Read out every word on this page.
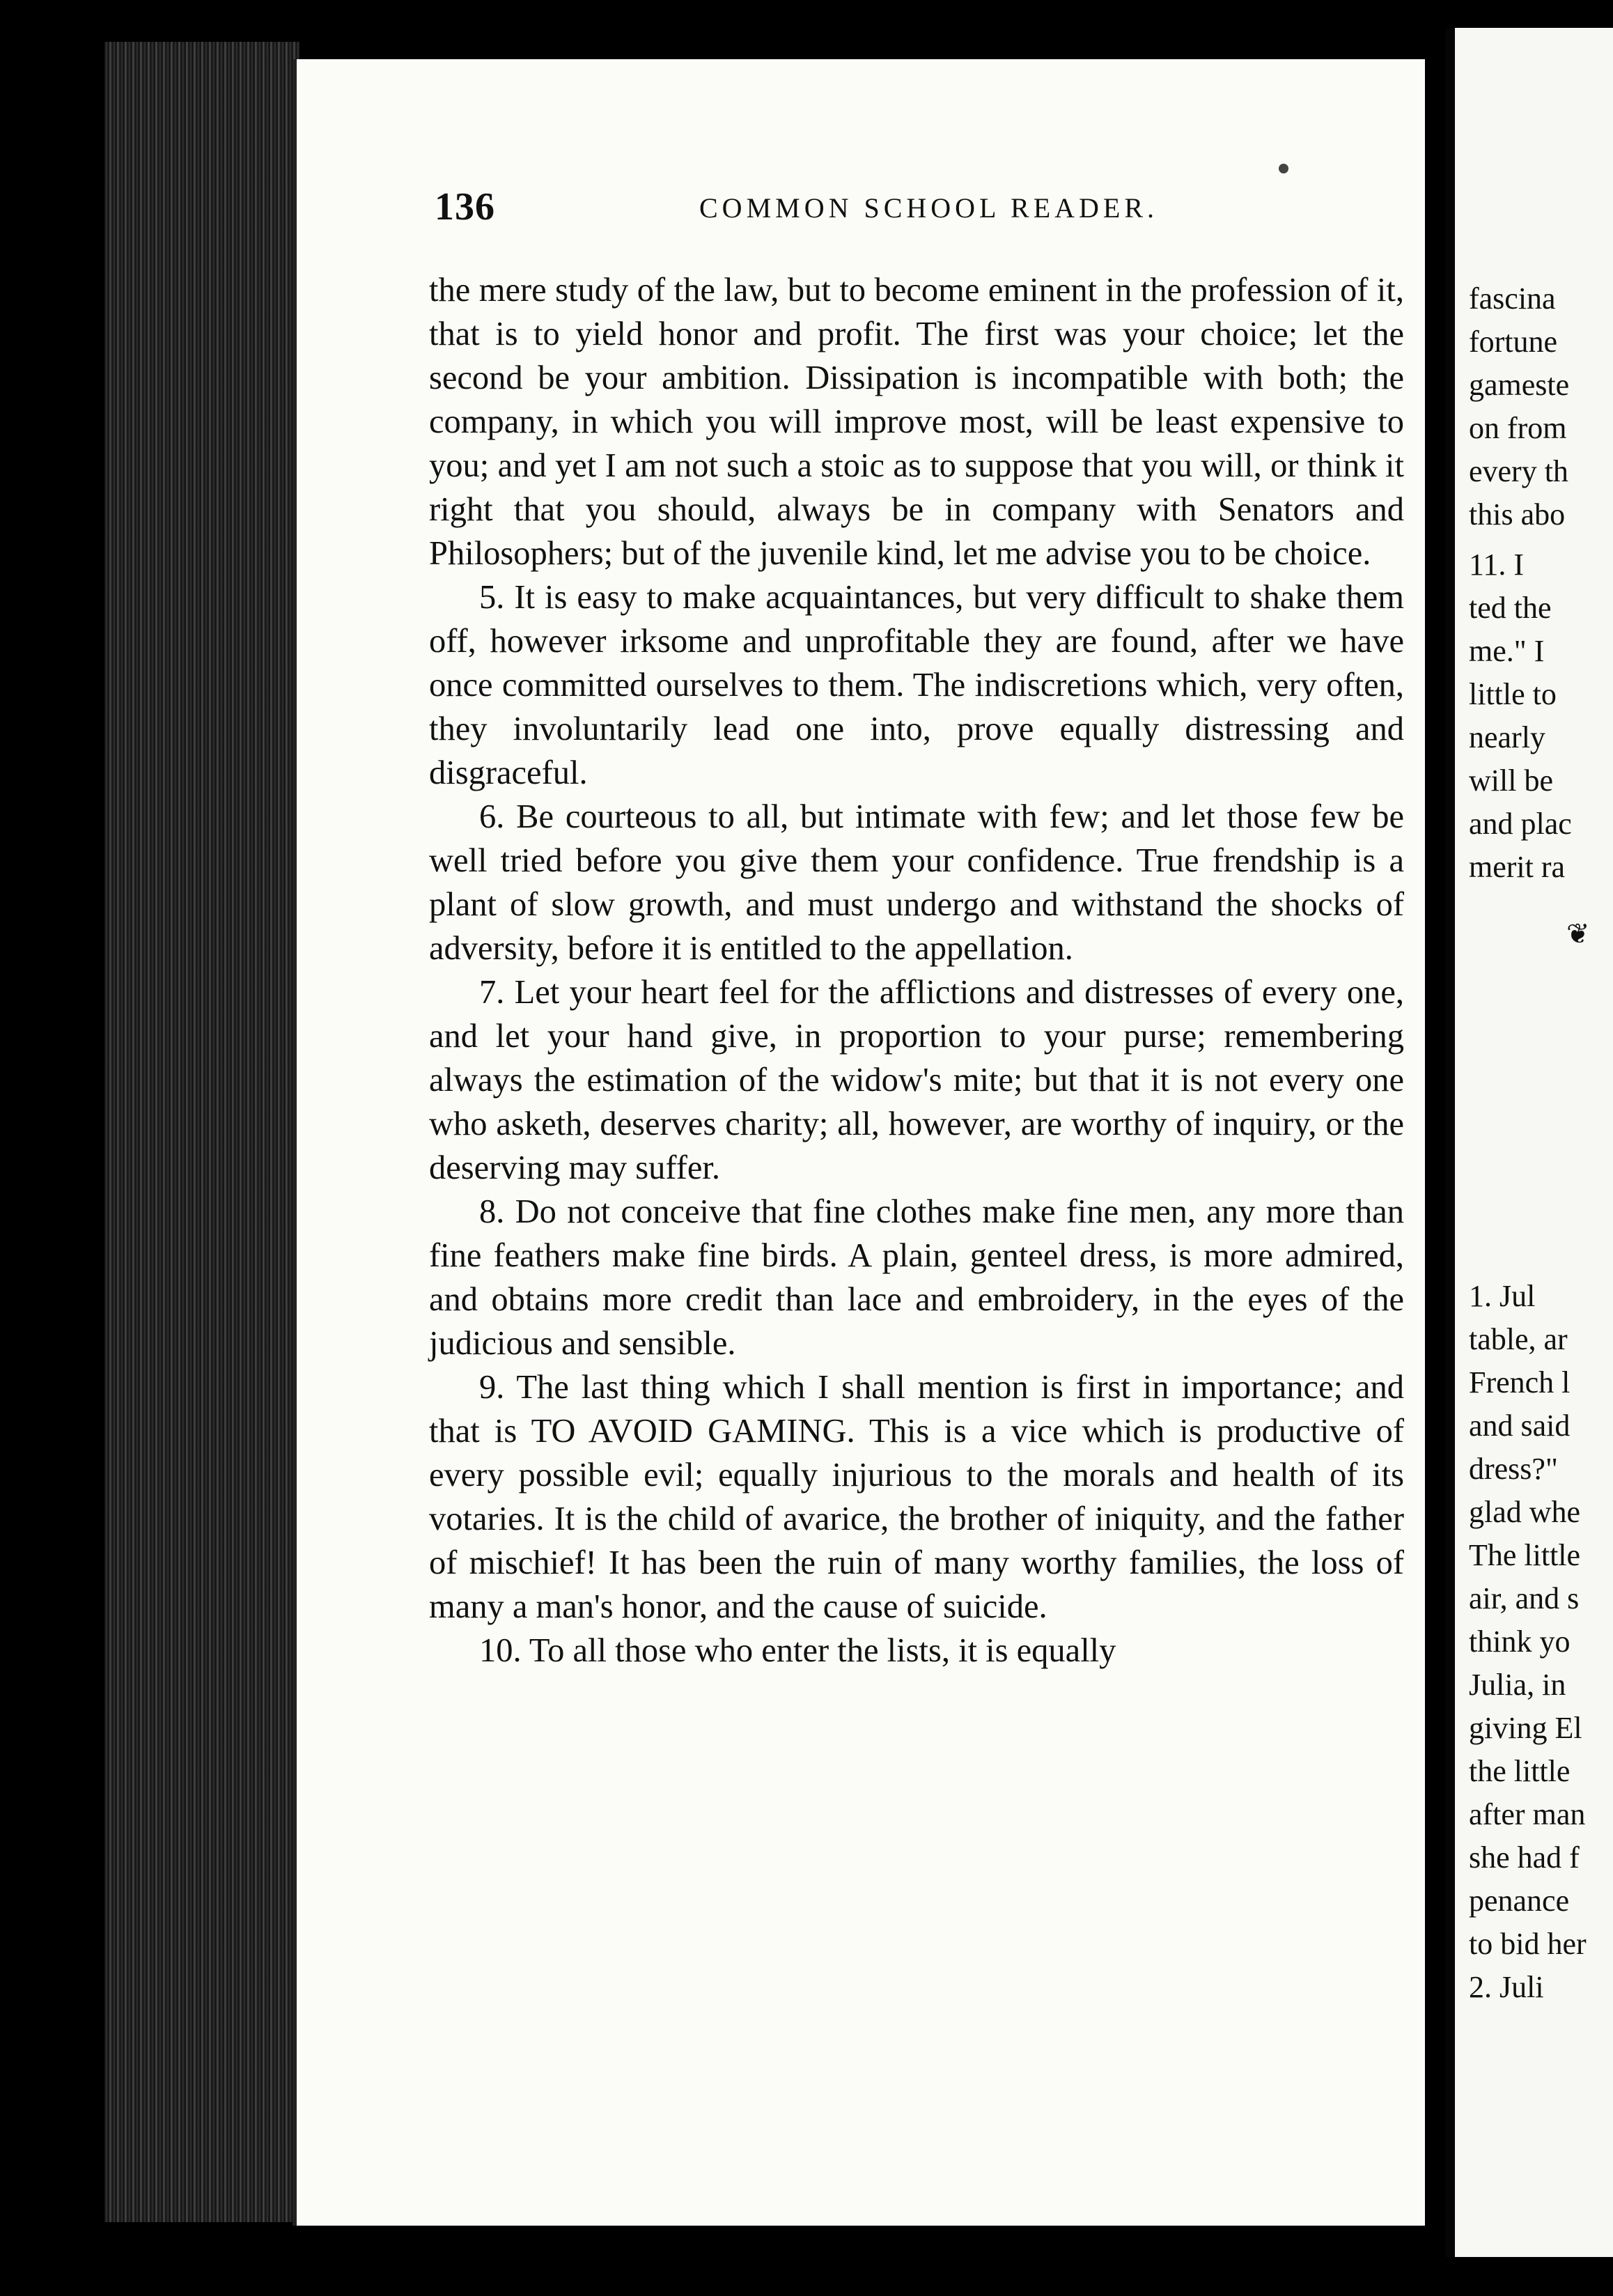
136	COMMON SCHOOL READER.

the mere study of the law, but to become eminent in the profession of it, that is to yield honor and profit. The first was your choice; let the second be your ambition. Dissipation is incompatible with both; the company, in which you will improve most, will be least expensive to you; and yet I am not such a stoic as to suppose that you will, or think it right that you should, always be in company with Senators and Philosophers; but of the juvenile kind, let me advise you to be choice.

5. It is easy to make acquaintances, but very difficult to shake them off, however irksome and unprofitable they are found, after we have once committed ourselves to them. The indiscretions which, very often, they involuntarily lead one into, prove equally distressing and disgraceful.

6. Be courteous to all, but intimate with few; and let those few be well tried before you give them your confidence. True frendship is a plant of slow growth, and must undergo and withstand the shocks of adversity, before it is entitled to the appellation.

7. Let your heart feel for the afflictions and distresses of every one, and let your hand give, in proportion to your purse; remembering always the estimation of the widow's mite; but that it is not every one who asketh, deserves charity; all, however, are worthy of inquiry, or the deserving may suffer.

8. Do not conceive that fine clothes make fine men, any more than fine feathers make fine birds. A plain, genteel dress, is more admired, and obtains more credit than lace and embroidery, in the eyes of the judicious and sensible.

9. The last thing which I shall mention is first in importance; and that is TO AVOID GAMING. This is a vice which is productive of every possible evil; equally injurious to the morals and health of its votaries. It is the child of avarice, the brother of iniquity, and the father of mischief! It has been the ruin of many worthy families, the loss of many a man's honor, and the cause of suicide.

10. To all those who enter the lists, it is equally

fascina
fortune
gameste
on from
every th
this abo
11. I
ted the
me." I
little to
nearly
will be
and plac
merit ra
❦
1. Jul
table, ar
French l
and said
dress?"
glad whe
The little
air, and s
think yo
Julia, in
giving El
the little
after man
she had f
penance
to bid her
2. Juli
